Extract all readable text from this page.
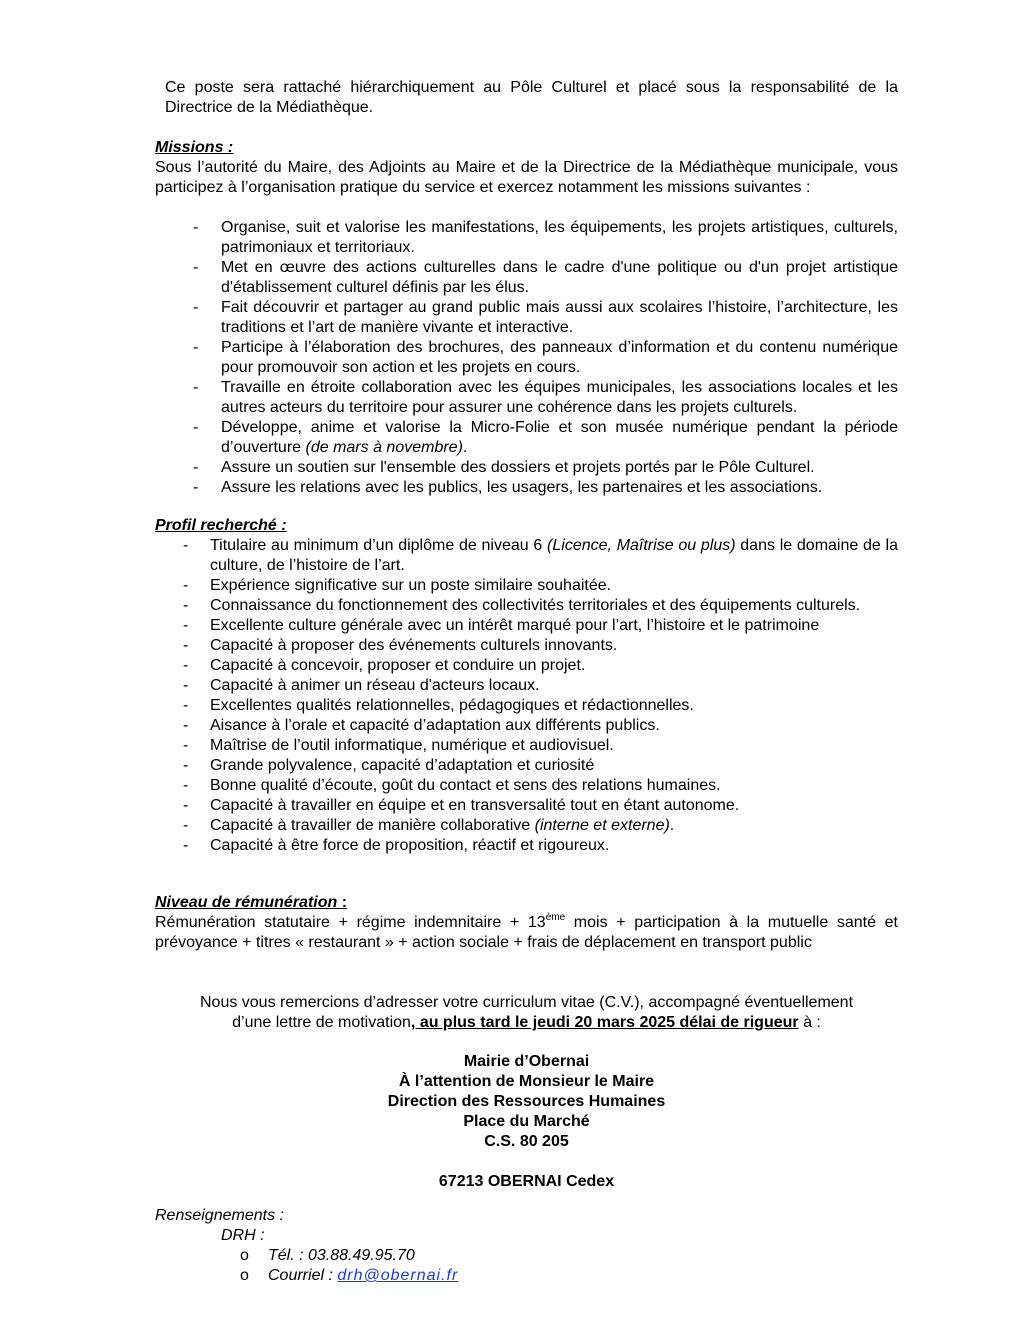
Ce poste sera rattaché hiérarchiquement au Pôle Culturel et placé sous la responsabilité de la Directrice de la Médiathèque.

Missions :

Sous l’autorité du Maire, des Adjoints au Maire et de la Directrice de la Médiathèque municipale, vous participez à l’organisation pratique du service et exercez notamment les missions suivantes :

- Organise, suit et valorise les manifestations, les équipements, les projets artistiques, culturels, patrimoniaux et territoriaux.
- Met en œuvre des actions culturelles dans le cadre d'une politique ou d'un projet artistique d'établissement culturel définis par les élus.
- Fait découvrir et partager au grand public mais aussi aux scolaires l’histoire, l’architecture, les traditions et l’art de manière vivante et interactive.
- Participe à l’élaboration des brochures, des panneaux d’information et du contenu numérique pour promouvoir son action et les projets en cours.
- Travaille en étroite collaboration avec les équipes municipales, les associations locales et les autres acteurs du territoire pour assurer une cohérence dans les projets culturels.
- Développe, anime et valorise la Micro-Folie et son musée numérique pendant la période d’ouverture (de mars à novembre).
- Assure un soutien sur l'ensemble des dossiers et projets portés par le Pôle Culturel.
- Assure les relations avec les publics, les usagers, les partenaires et les associations.

Profil recherché :

- Titulaire au minimum d’un diplôme de niveau 6 (Licence, Maîtrise ou plus) dans le domaine de la culture, de l’histoire de l’art.
- Expérience significative sur un poste similaire souhaitée.
- Connaissance du fonctionnement des collectivités territoriales et des équipements culturels.
- Excellente culture générale avec un intérêt marqué pour l’art, l’histoire et le patrimoine
- Capacité à proposer des événements culturels innovants.
- Capacité à concevoir, proposer et conduire un projet.
- Capacité à animer un réseau d'acteurs locaux.
- Excellentes qualités relationnelles, pédagogiques et rédactionnelles.
- Aisance à l’orale et capacité d’adaptation aux différents publics.
- Maîtrise de l’outil informatique, numérique et audiovisuel.
- Grande polyvalence, capacité d’adaptation et curiosité
- Bonne qualité d’écoute, goût du contact et sens des relations humaines.
- Capacité à travailler en équipe et en transversalité tout en étant autonome.
- Capacité à travailler de manière collaborative (interne et externe).
- Capacité à être force de proposition, réactif et rigoureux.

Niveau de rémunération :

Rémunération statutaire + régime indemnitaire + 13ème mois + participation à la mutuelle santé et prévoyance + titres « restaurant » + action sociale + frais de déplacement en transport public

Nous vous remercions d’adresser votre curriculum vitae (C.V.), accompagné éventuellement

d’une lettre de motivation, au plus tard le jeudi 20 mars 2025 délai de rigueur à :

Mairie d’Obernai

À l’attention de Monsieur le Maire

Direction des Ressources Humaines

Place du Marché

C.S. 80 205

67213 OBERNAI Cedex

Renseignements :

DRH :

o Tél. : 03.88.49.95.70
o Courriel : drh@obernai.fr
